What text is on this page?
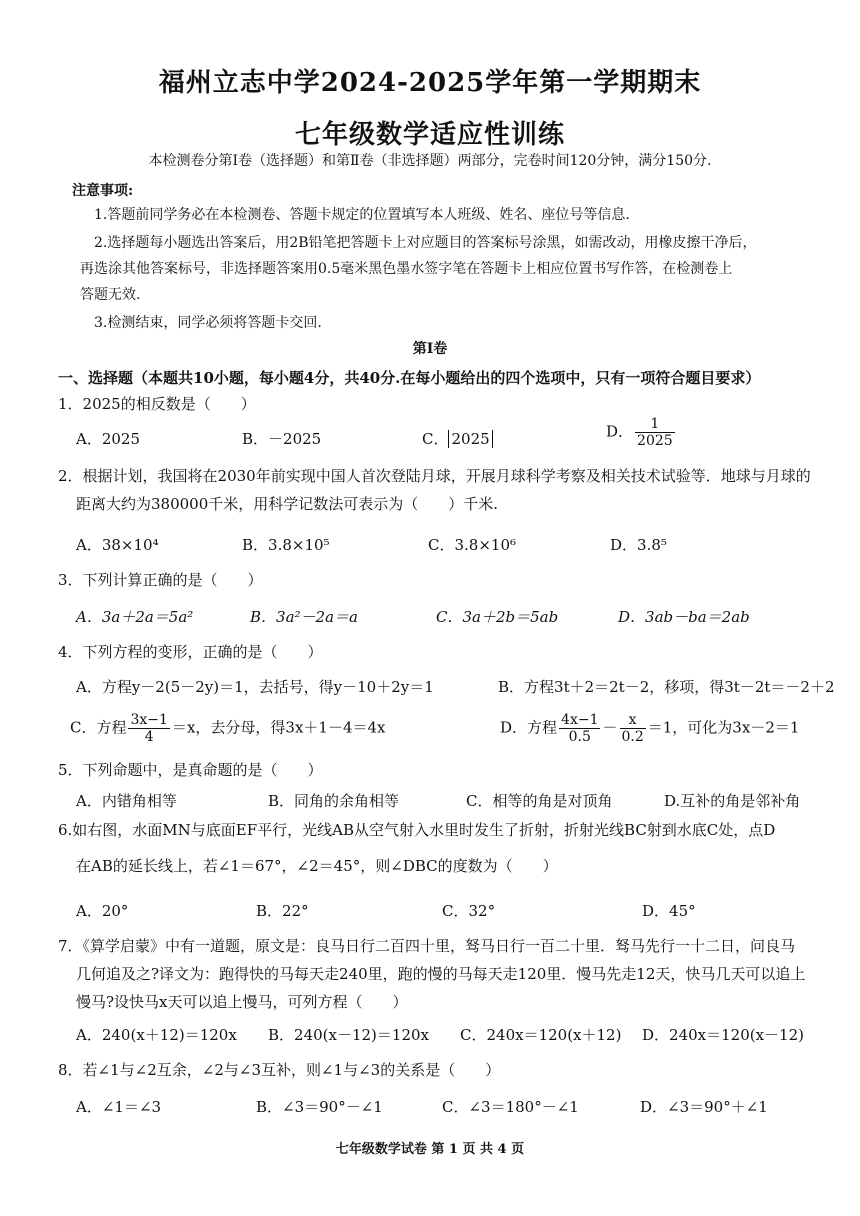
福州立志中学2024-2025学年第一学期期末
七年级数学适应性训练
本检测卷分第Ⅰ卷（选择题）和第Ⅱ卷（非选择题）两部分，完卷时间120分钟，满分150分.
注意事项:
1.答题前同学务必在本检测卷、答题卡规定的位置填写本人班级、姓名、座位号等信息.
2.选择题每小题选出答案后，用2B铅笔把答题卡上对应题目的答案标号涂黑，如需改动，用橡皮擦干净后，
再选涂其他答案标号，非选择题答案用0.5毫米黑色墨水签字笔在答题卡上相应位置书写作答，在检测卷上
答题无效.
3.检测结束，同学必须将答题卡交回.
第Ⅰ卷
一、选择题（本题共10小题，每小题4分，共40分.在每小题给出的四个选项中，只有一项符合题目要求）
1．2025的相反数是（　　）
A．2025	B．－2025	C． 2025	D． $\frac{1}{2025}$
2．根据计划，我国将在2030年前实现中国人首次登陆月球，开展月球科学考察及相关技术试验等．地球与月球的
距离大约为380000千米，用科学记数法可表示为（　　）千米.
A．38×10⁴	B．3.8×10⁵	C．3.8×10⁶	D．3.8⁵
3．下列计算正确的是（　　）
A．3a＋2a＝5a²	B．3a²－2a＝a	C．3a＋2b＝5ab	D．3ab－ba＝2ab
4．下列方程的变形，正确的是（　　）
A．方程y－2(5－2y)＝1，去括号，得y－10＋2y＝1	B．方程3t＋2＝2t－2，移项，得3t－2t＝－2＋2
C．方程 $\frac{3x-1}{4} =x$，去分母，得3x＋1－4＝4x	D．方程 $\frac{4x-1}{0.5} - \frac{x}{0.2} =1$，可化为3x－2＝1
5．下列命题中，是真命题的是（　　）
A．内错角相等	B．同角的余角相等	C．相等的角是对顶角	D.互补的角是邻补角
6.如右图，水面MN与底面EF平行，光线AB从空气射入水里时发生了折射，折射光线BC射到水底C处，点D
在AB的延长线上，若∠1＝67°，∠2＝45°，则∠DBC的度数为（　　）
A．20°	B．22°	C．32°	D．45°
7．《算学启蒙》中有一道题，原文是：良马日行二百四十里，驽马日行一百二十里．驽马先行一十二日，问良马
几何追及之?译文为：跑得快的马每天走240里，跑的慢的马每天走120里．慢马先走12天，快马几天可以追上
慢马?设快马x天可以追上慢马，可列方程（　　）
A．240(x＋12)＝120x B．240(x－12)＝120x C．240x＝120(x＋12) D．240x＝120(x－12)
8．若∠1与∠2互余，∠2与∠3互补，则∠1与∠3的关系是（　　）
A．∠1＝∠3	B．∠3＝90°－∠1	C．∠3＝180°－∠1	D．∠3＝90°＋∠1
七年级数学试卷 第 1 页 共 4 页
